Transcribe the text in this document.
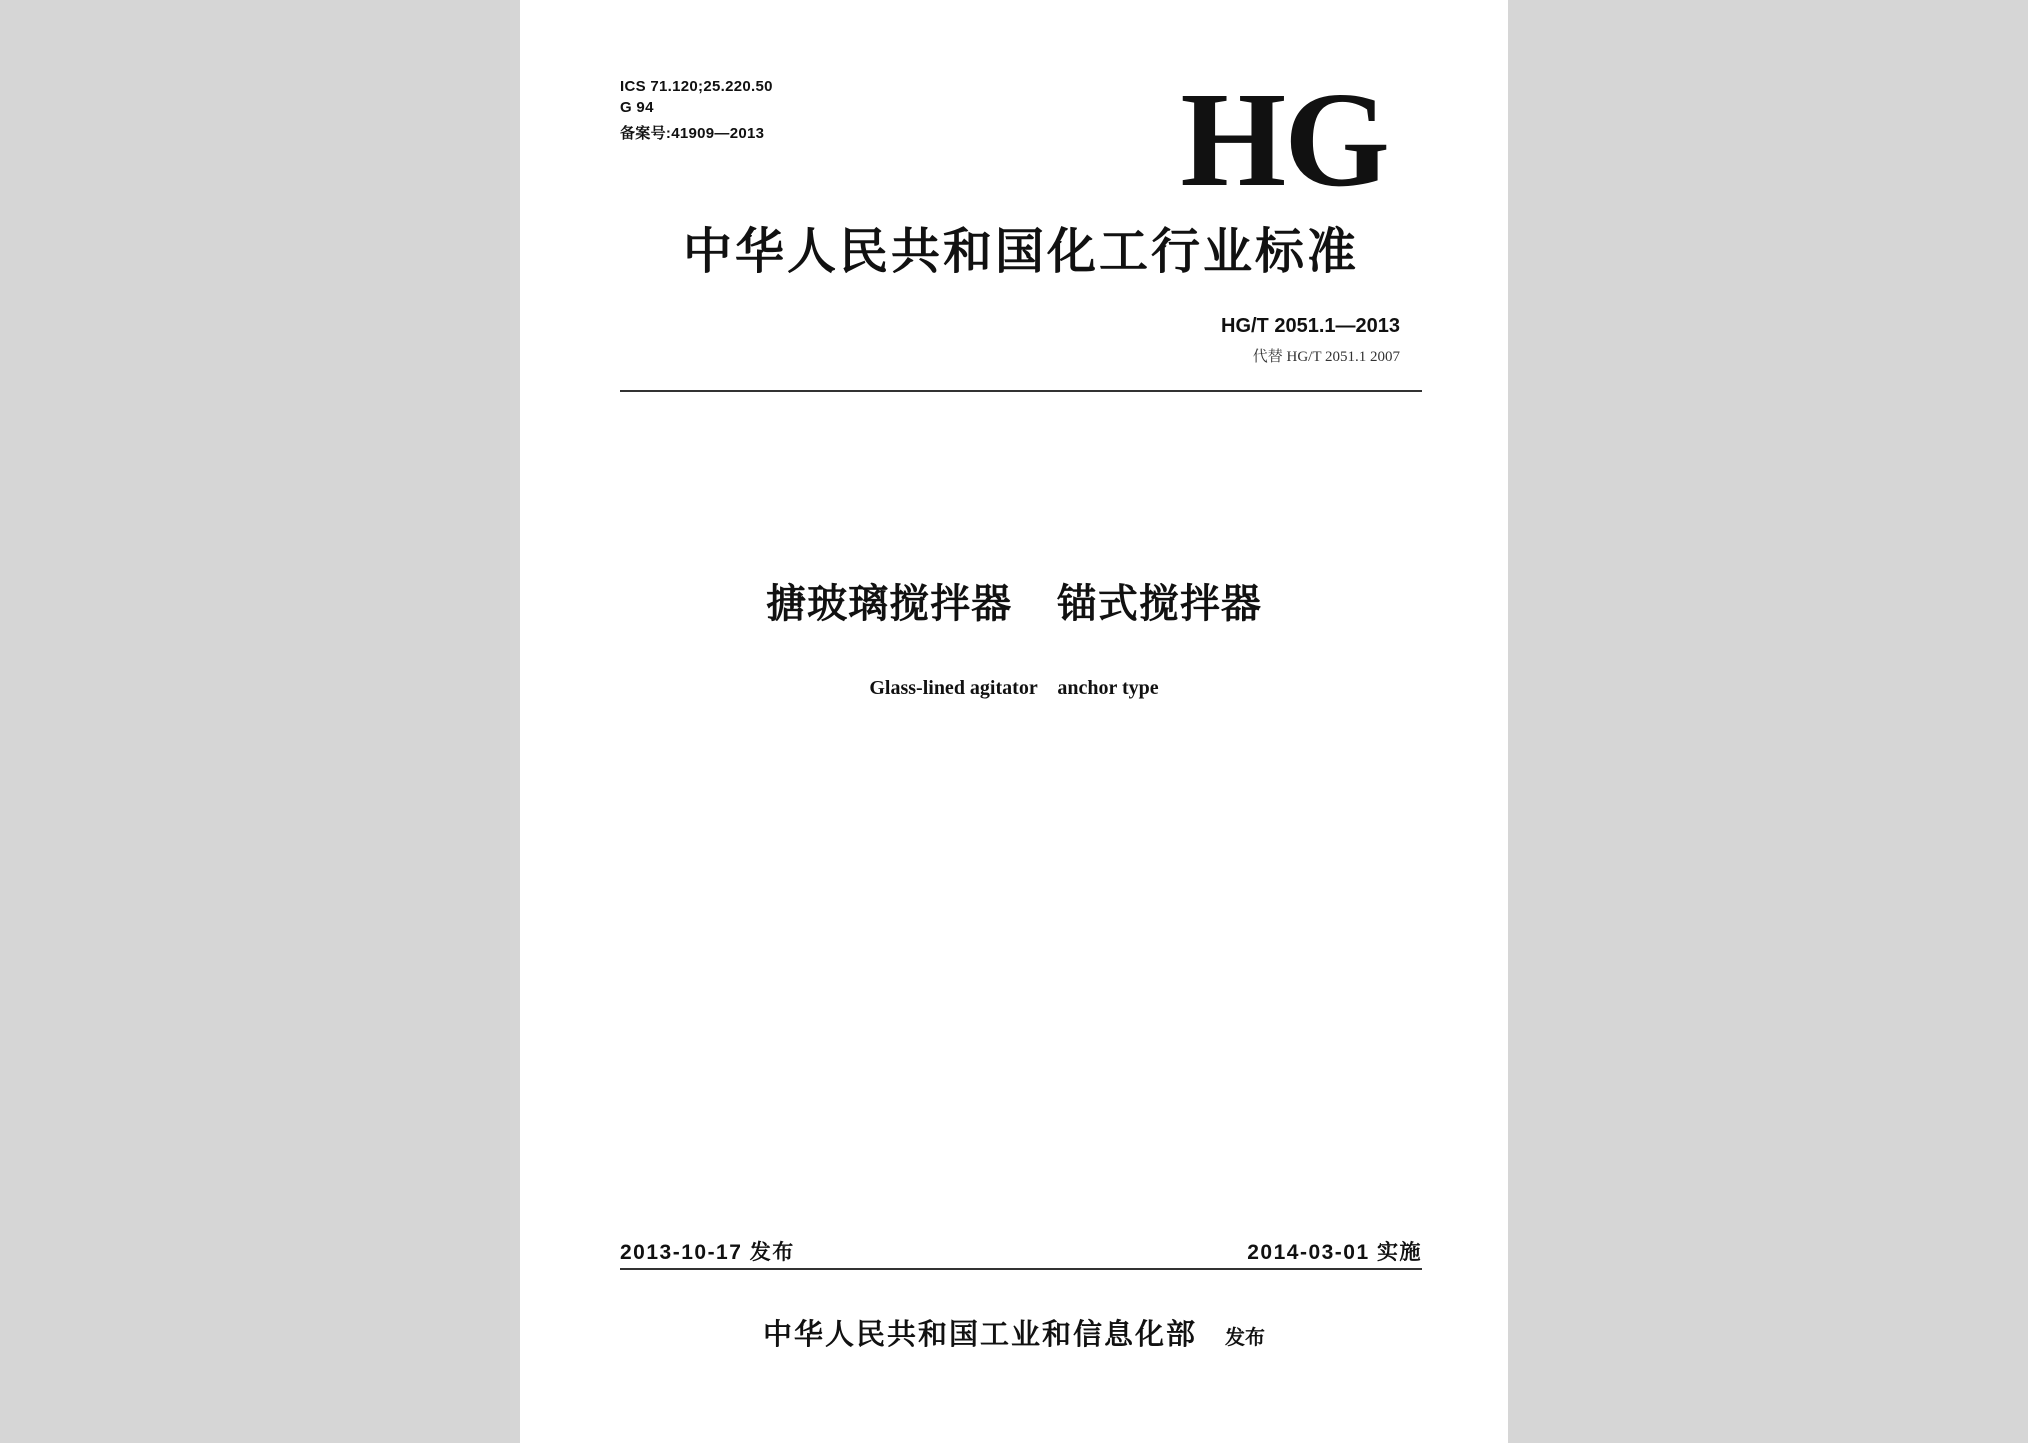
ICS 71.120;25.220.50

G 94

备案号:41909—2013	HG
中华人民共和国化工行业标准
HG/T 2051.1—2013
代替 HG/T 2051.1 2007
搪玻璃搅拌器   锚式搅拌器
Glass-lined agitator    anchor type
2013-10-17 发布	2014-03-01 实施
中华人民共和国工业和信息化部 发布
